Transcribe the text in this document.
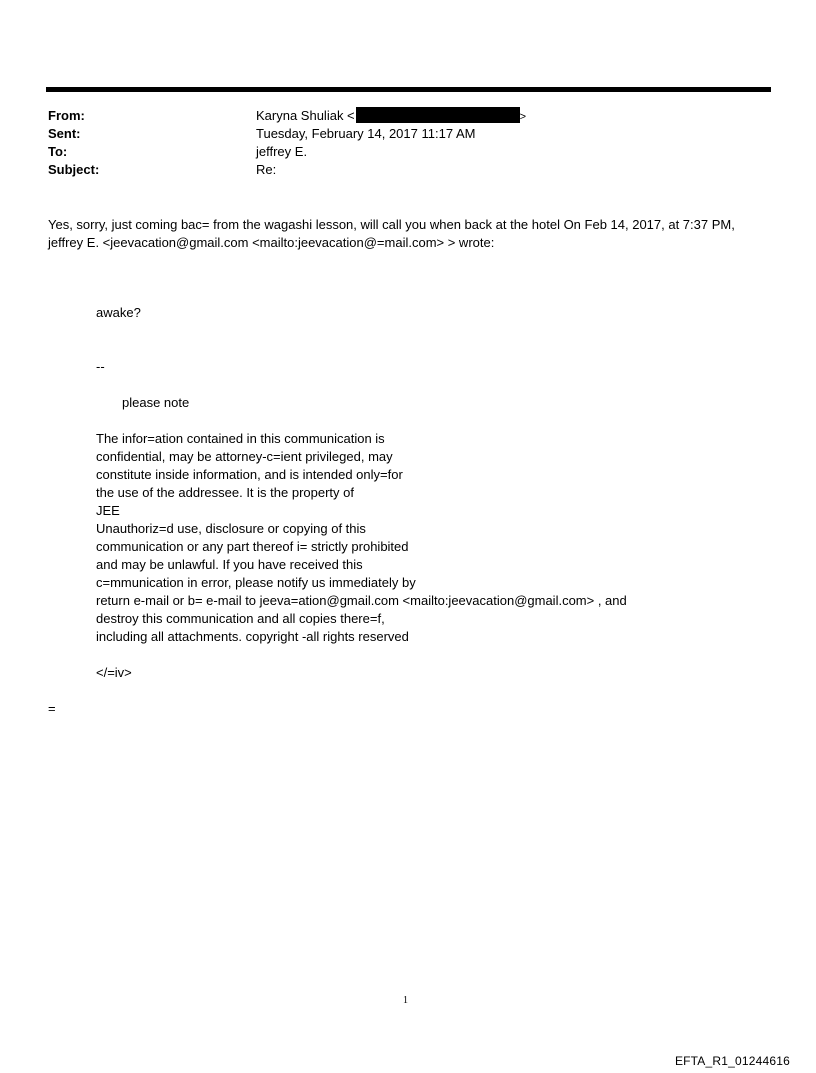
From:	Karyna Shuliak <	>
Sent:	Tuesday, February 14, 2017 11:17 AM
To:	jeffrey E.
Subject:	Re:
Yes, sorry, just coming bac= from the wagashi lesson, will call you when back at the hotel On Feb 14, 2017, at 7:37 PM,
jeffrey E. <jeevacation@gmail.com <mailto:jeevacation@=mail.com> > wrote:
awake?
--
please note
The infor=ation contained in this communication is
confidential, may be attorney-c=ient privileged, may
constitute inside information, and is intended only=for
the use of the addressee. It is the property of
JEE
Unauthoriz=d use, disclosure or copying of this
communication or any part thereof i= strictly prohibited
and may be unlawful. If you have received this
c=mmunication in error, please notify us immediately by
return e-mail or b= e-mail to jeeva=ation@gmail.com <mailto:jeevacation@gmail.com> , and
destroy this communication and all copies there=f,
including all attachments. copyright -all rights reserved
</=iv>
=
1
EFTA_R1_01244616
